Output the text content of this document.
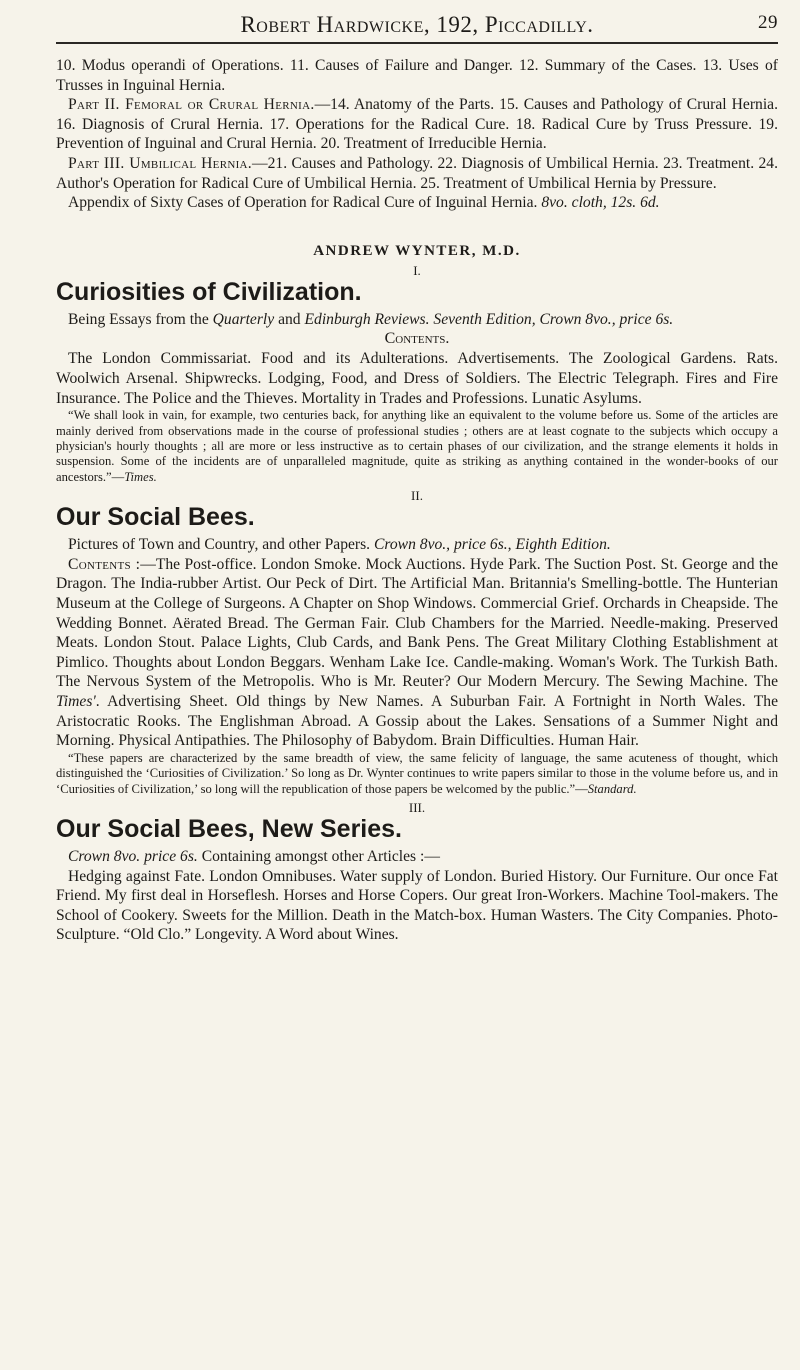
Robert Hardwicke, 192, Piccadilly.	29

10. Modus operandi of Operations. 11. Causes of Failure and Danger. 12. Summary of the Cases. 13. Uses of Trusses in Inguinal Hernia.

Part II. Femoral or Crural Hernia.—14. Anatomy of the Parts. 15. Causes and Pathology of Crural Hernia. 16. Diagnosis of Crural Hernia. 17. Operations for the Radical Cure. 18. Radical Cure by Truss Pressure. 19. Prevention of Inguinal and Crural Hernia. 20. Treatment of Irreducible Hernia.

Part III. Umbilical Hernia.—21. Causes and Pathology. 22. Diagnosis of Umbilical Hernia. 23. Treatment. 24. Author's Operation for Radical Cure of Umbilical Hernia. 25. Treatment of Umbilical Hernia by Pressure.

Appendix of Sixty Cases of Operation for Radical Cure of Inguinal Hernia. 8vo. cloth, 12s. 6d.

ANDREW WYNTER, M.D.
I.
Curiosities of Civilization.

Being Essays from the Quarterly and Edinburgh Reviews. Seventh Edition, Crown 8vo., price 6s.

Contents.

The London Commissariat. Food and its Adulterations. Advertisements. The Zoological Gardens. Rats. Woolwich Arsenal. Shipwrecks. Lodging, Food, and Dress of Soldiers. The Electric Telegraph. Fires and Fire Insurance. The Police and the Thieves. Mortality in Trades and Professions. Lunatic Asylums.

“We shall look in vain, for example, two centuries back, for anything like an equivalent to the volume before us. Some of the articles are mainly derived from observations made in the course of professional studies ; others are at least cognate to the subjects which occupy a physician's hourly thoughts ; all are more or less instructive as to certain phases of our civilization, and the strange elements it holds in suspension. Some of the incidents are of unparalleled magnitude, quite as striking as anything contained in the wonder-books of our ancestors.”—Times.

II.
Our Social Bees.

Pictures of Town and Country, and other Papers. Crown 8vo., price 6s., Eighth Edition.

Contents :—The Post-office. London Smoke. Mock Auctions. Hyde Park. The Suction Post. St. George and the Dragon. The India-rubber Artist. Our Peck of Dirt. The Artificial Man. Britannia's Smelling-bottle. The Hunterian Museum at the College of Surgeons. A Chapter on Shop Windows. Commercial Grief. Orchards in Cheapside. The Wedding Bonnet. Aërated Bread. The German Fair. Club Chambers for the Married. Needle-making. Preserved Meats. London Stout. Palace Lights, Club Cards, and Bank Pens. The Great Military Clothing Establishment at Pimlico. Thoughts about London Beggars. Wenham Lake Ice. Candle-making. Woman's Work. The Turkish Bath. The Nervous System of the Metropolis. Who is Mr. Reuter? Our Modern Mercury. The Sewing Machine. The Times'. Advertising Sheet. Old things by New Names. A Suburban Fair. A Fortnight in North Wales. The Aristocratic Rooks. The Englishman Abroad. A Gossip about the Lakes. Sensations of a Summer Night and Morning. Physical Antipathies. The Philosophy of Babydom. Brain Difficulties. Human Hair.

“These papers are characterized by the same breadth of view, the same felicity of language, the same acuteness of thought, which distinguished the ‘Curiosities of Civilization.’ So long as Dr. Wynter continues to write papers similar to those in the volume before us, and in ‘Curiosities of Civilization,’ so long will the republication of those papers be welcomed by the public.”—Standard.

III.
Our Social Bees, New Series.

Crown 8vo. price 6s. Containing amongst other Articles :—

Hedging against Fate. London Omnibuses. Water supply of London. Buried History. Our Furniture. Our once Fat Friend. My first deal in Horseflesh. Horses and Horse Copers. Our great Iron-Workers. Machine Tool-makers. The School of Cookery. Sweets for the Million. Death in the Match-box. Human Wasters. The City Companies. Photo-Sculpture. “Old Clo.” Longevity. A Word about Wines.
